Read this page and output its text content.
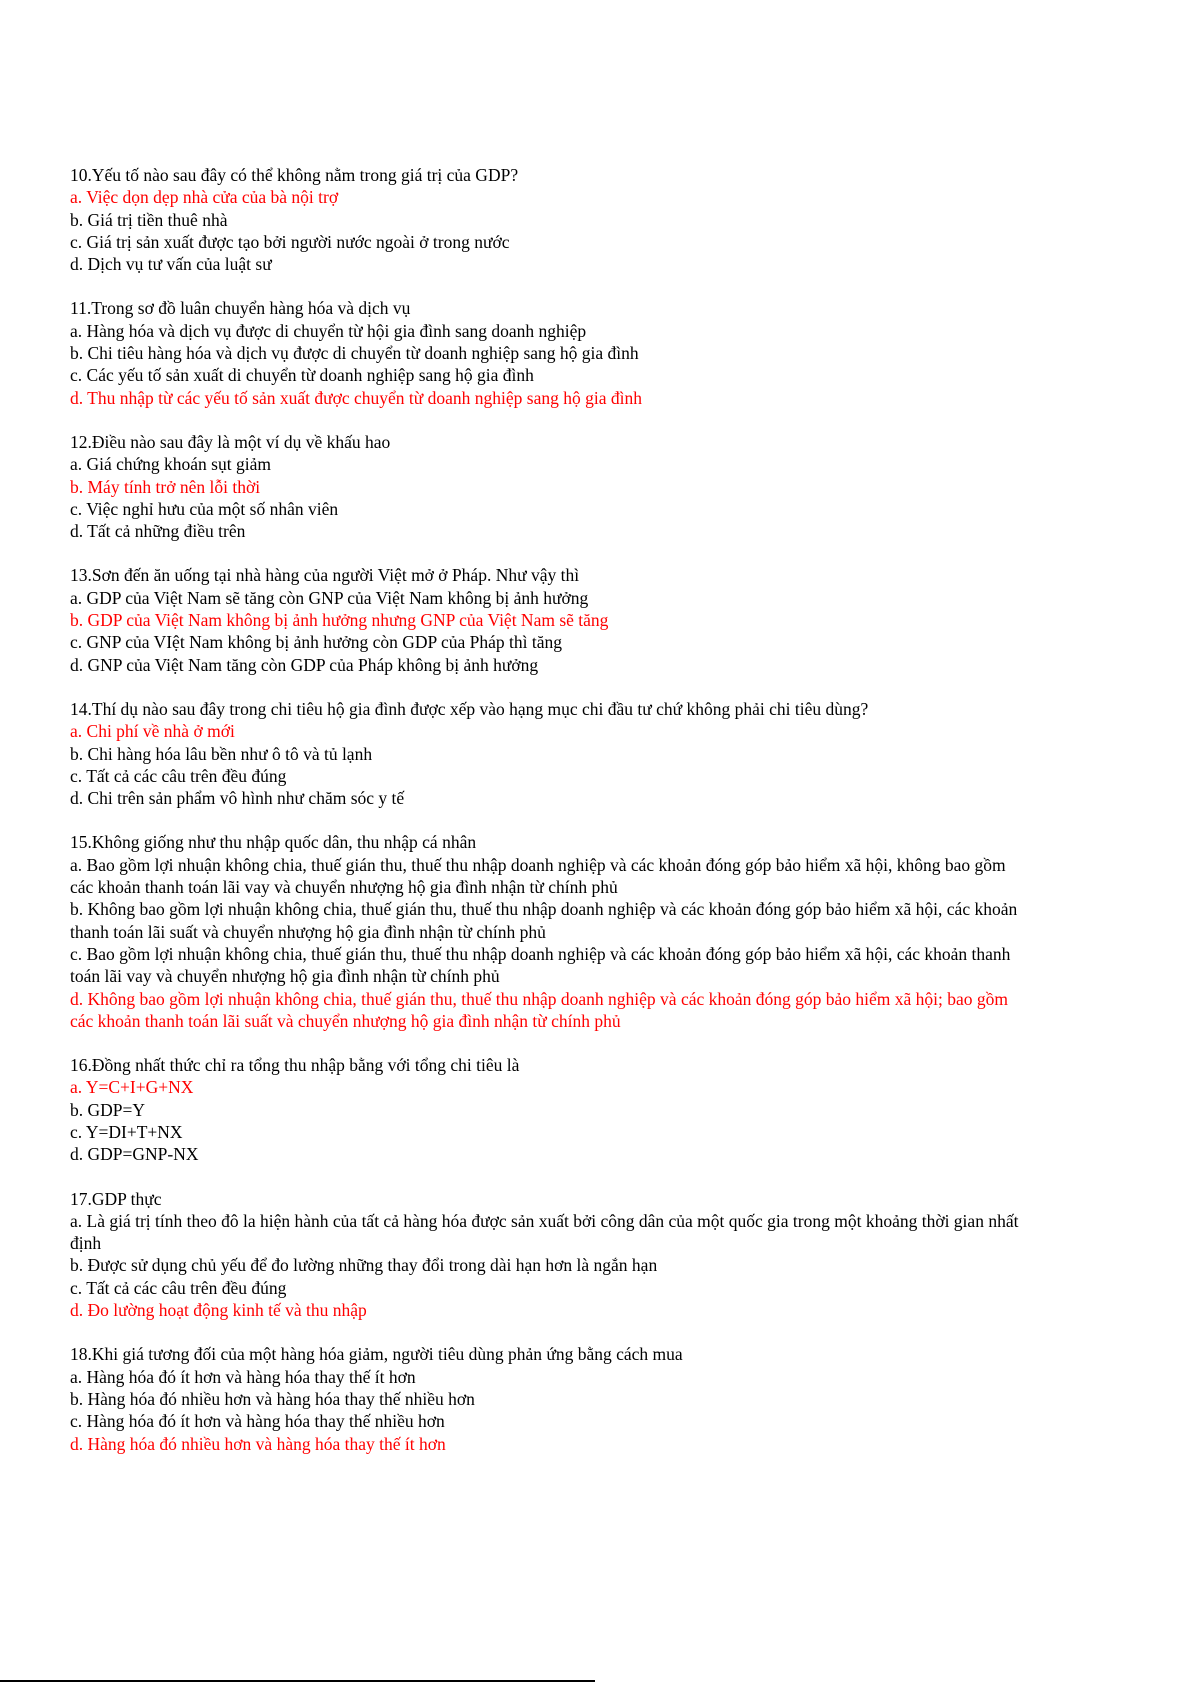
10.Yếu tố nào sau đây có thể không nằm trong giá trị của GDP?

a. Việc dọn dẹp nhà cửa của bà nội trợ

b. Giá trị tiền thuê nhà

c. Giá trị sản xuất được tạo bởi người nước ngoài ở trong nước

d. Dịch vụ tư vấn của luật sư

11.Trong sơ đồ luân chuyển hàng hóa và dịch vụ

a. Hàng hóa và dịch vụ được di chuyển từ hội gia đình sang doanh nghiệp

b. Chi tiêu hàng hóa và dịch vụ được di chuyển từ doanh nghiệp sang hộ gia đình

c. Các yếu tố sản xuất di chuyển từ doanh nghiệp sang hộ gia đình

d. Thu nhập từ các yếu tố sản xuất được chuyển từ doanh nghiệp sang hộ gia đình

12.Điều nào sau đây là một ví dụ về khấu hao

a. Giá chứng khoán sụt giảm

b. Máy tính trở nên lỗi thời

c. Việc nghỉ hưu của một số nhân viên

d. Tất cả những điều trên

13.Sơn đến ăn uống tại nhà hàng của người Việt mở ở Pháp. Như vậy thì

a. GDP của Việt Nam sẽ tăng còn GNP của Việt Nam không bị ảnh hưởng

b. GDP của Việt Nam không bị ảnh hưởng nhưng GNP của Việt Nam sẽ tăng

c. GNP của VIệt Nam không bị ảnh hưởng còn GDP của Pháp thì tăng

d. GNP của Việt Nam tăng còn GDP của Pháp không bị ảnh hưởng

14.Thí dụ nào sau đây trong chi tiêu hộ gia đình được xếp vào hạng mục chi đầu tư chứ không phải chi tiêu dùng?

a. Chi phí về nhà ở mới

b. Chi hàng hóa lâu bền như ô tô và tủ lạnh

c. Tất cả các câu trên đều đúng

d. Chi trên sản phẩm vô hình như chăm sóc y tế

15.Không giống như thu nhập quốc dân, thu nhập cá nhân

a. Bao gồm lợi nhuận không chia, thuế gián thu, thuế thu nhập doanh nghiệp và các khoản đóng góp bảo hiểm xã hội, không bao gồm các khoản thanh toán lãi vay và chuyển nhượng hộ gia đình nhận từ chính phủ

b. Không bao gồm lợi nhuận không chia, thuế gián thu, thuế thu nhập doanh nghiệp và các khoản đóng góp bảo hiểm xã hội, các khoản thanh toán lãi suất và chuyển nhượng hộ gia đình nhận từ chính phủ

c. Bao gồm lợi nhuận không chia, thuế gián thu, thuế thu nhập doanh nghiệp và các khoản đóng góp bảo hiểm xã hội, các khoản thanh toán lãi vay và chuyển nhượng hộ gia đình nhận từ chính phủ

d. Không bao gồm lợi nhuận không chia, thuế gián thu, thuế thu nhập doanh nghiệp và các khoản đóng góp bảo hiểm xã hội; bao gồm các khoản thanh toán lãi suất và chuyển nhượng hộ gia đình nhận từ chính phủ

16.Đồng nhất thức chỉ ra tổng thu nhập bằng với tổng chi tiêu là

a. Y=C+I+G+NX

b. GDP=Y

c. Y=DI+T+NX

d. GDP=GNP-NX

17.GDP thực

a. Là giá trị tính theo đô la hiện hành của tất cả hàng hóa được sản xuất bởi công dân của một quốc gia trong một khoảng thời gian nhất định

b. Được sử dụng chủ yếu để đo lường những thay đổi trong dài hạn hơn là ngắn hạn

c. Tất cả các câu trên đều đúng

d. Đo lường hoạt động kinh tế và thu nhập

18.Khi giá tương đối của một hàng hóa giảm, người tiêu dùng phản ứng bằng cách mua

a. Hàng hóa đó ít hơn và hàng hóa thay thế ít hơn

b. Hàng hóa đó nhiều hơn và hàng hóa thay thế nhiều hơn

c. Hàng hóa đó ít hơn và hàng hóa thay thế nhiều hơn

d. Hàng hóa đó nhiều hơn và hàng hóa thay thế ít hơn
